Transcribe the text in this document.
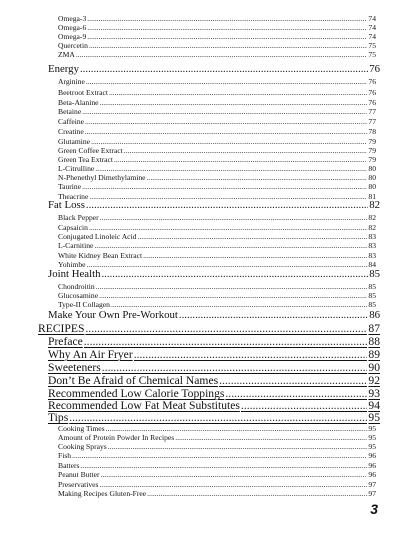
Omega-3 .....	74
Omega-6 .....	74
Omega-9 .....	74
Quercetin .....	75
ZMA .....	75
Energy .....	76
Arginine .....	76
Beetroot Extract .....	76
Beta-Alanine .....	76
Betaine .....	77
Caffeine .....	77
Creatine .....	78
Glutamine .....	79
Green Coffee Extract .....	79
Green Tea Extract .....	79
L-Citrulline .....	80
N-Phenethyl Dimethylamine .....	80
Taurine .....	80
Theacrine .....	81
Fat Loss .....	82
Black Pepper .....	82
Capsaicin .....	82
Conjugated Linoleic Acid .....	83
L-Carnitine .....	83
White Kidney Bean Extract .....	83
Yohimbe .....	84
Joint Health .....	85
Chondroitin .....	85
Glucosamine .....	85
Type-II Collagen .....	85
Make Your Own Pre-Workout .....	86
RECIPES .....	87
Preface .....	88
Why An Air Fryer .....	89
Sweeteners .....	90
Don’t Be Afraid of Chemical Names .....	92
Recommended Low Calorie Toppings .....	93
Recommended Low Fat Meat Substitutes .....	94
Tips .....	95
Cooking Times .....	95
Amount of Protein Powder In Recipes .....	95
Cooking Sprays .....	95
Fish .....	96
Batters .....	96
Peanut Butter .....	96
Preservatives .....	97
Making Recipes Gluten-Free .....	97
3
